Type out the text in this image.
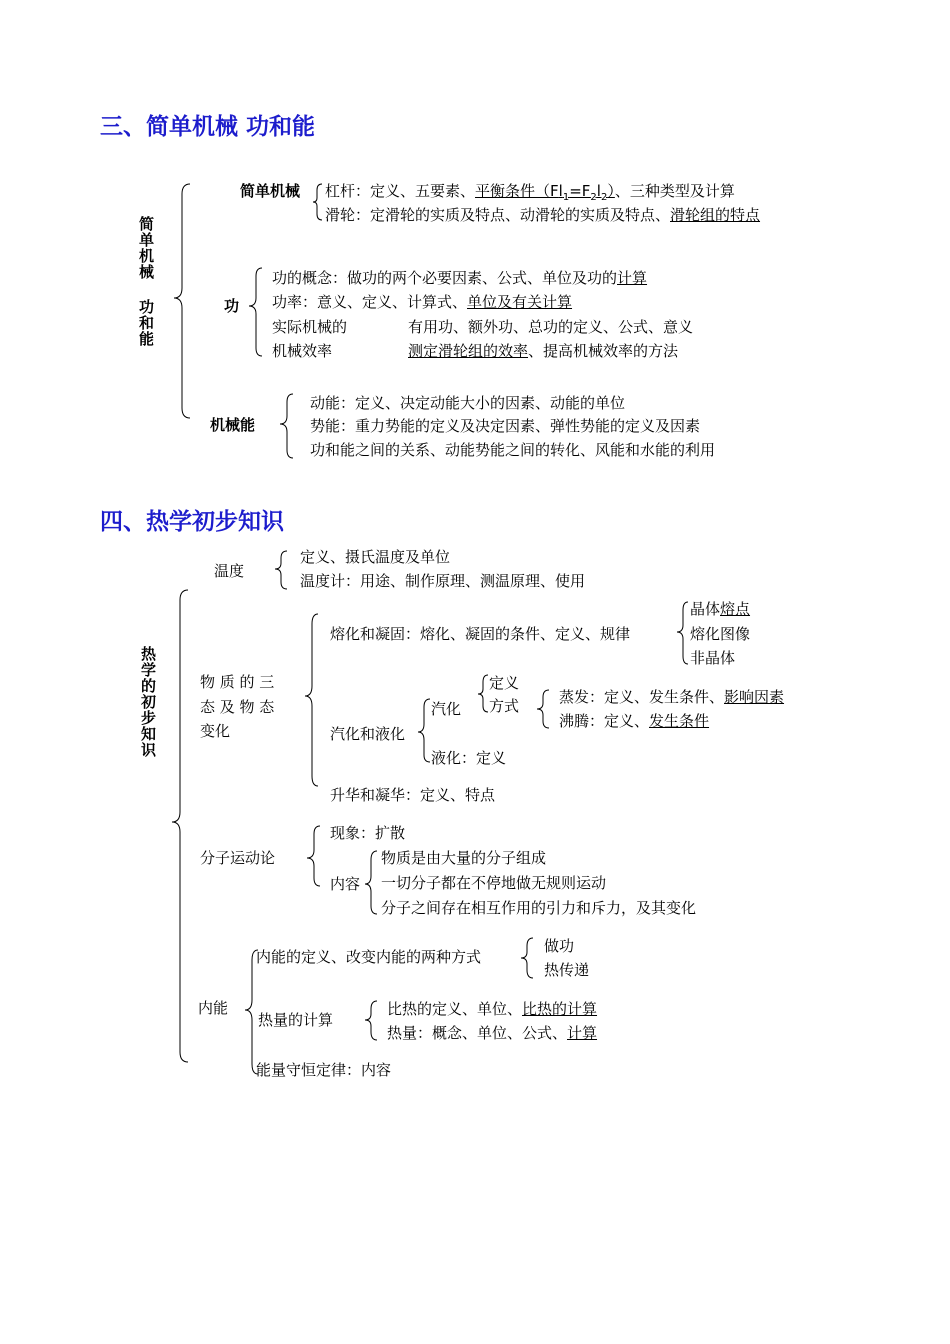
三、简单机械 功和能
简单机械 功和能
简单机械 杠杆：定义、五要素、平衡条件$(Fl_1=F_2l_2)$、三种类型及计算
滑轮：定滑轮的实质及特点、动滑轮的实质及特点、滑轮组的特点
功
功的概念：做功的两个必要因素、公式、单位及功的计算
功率：意义、定义、计算式、单位及有关计算
实际机械的
机械效率
有用功、额外功、总功的定义、公式、意义
测定滑轮组的效率、提高机械效率的方法
机械能
动能：定义、决定动能大小的因素、动能的单位
势能：重力势能的定义及决定因素、弹性势能的定义及因素
功和能之间的关系、动能势能之间的转化、风能和水能的利用
四、热学初步知识
热学的初步知识
温度
定义、摄氏温度及单位
温度计：用途、制作原理、测温原理、使用
物 质 的 三
态 及 物 态
变化
熔化和凝固：熔化、凝固的条件、定义、规律
晶体熔点
熔化图像
非晶体
汽化和液化
汽化
定义
方式	蒸发：定义、发生条件、影响因素
沸腾：定义、发生条件
液化：定义
升华和凝华：定义、特点
分子运动论
现象：扩散
内容
物质是由大量的分子组成
一切分子都在不停地做无规则运动
分子之间存在相互作用的引力和斥力，及其变化
内能
内能的定义、改变内能的两种方式
做功
热传递
热量的计算
比热的定义、单位、比热的计算
热量：概念、单位、公式、计算
能量守恒定律：内容
